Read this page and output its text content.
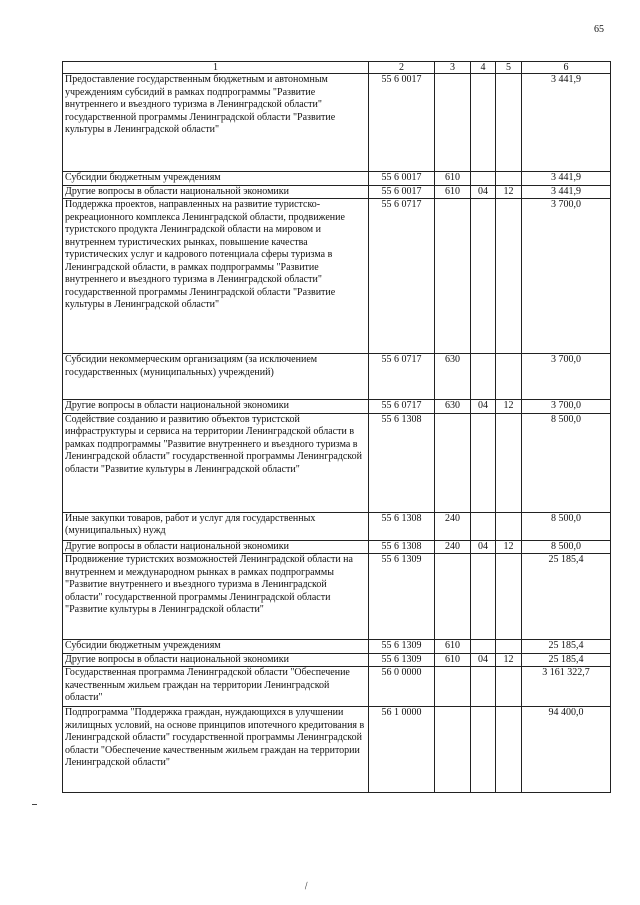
65
1	2	3	4	5	6
Предоставление государственным бюджетным и автономным учреждениям субсидий в рамках подпрограммы "Развитие внутреннего и въездного туризма в Ленинградской области" государственной программы Ленинградской области "Развитие культуры в Ленинградской области"	55 6 0017				3 441,9
Субсидии бюджетным учреждениям	55 6 0017	610			3 441,9
Другие вопросы в области национальной экономики	55 6 0017	610	04	12	3 441,9
Поддержка проектов, направленных на развитие туристско-рекреационного комплекса Ленинградской области, продвижение туристского продукта Ленинградской области на мировом и внутреннем туристических рынках, повышение качества туристических услуг и кадрового потенциала сферы туризма в Ленинградской области, в рамках подпрограммы "Развитие внутреннего и въездного туризма в Ленинградской области" государственной программы Ленинградской области "Развитие культуры в Ленинградской области"	55 6 0717				3 700,0
Субсидии некоммерческим организациям (за исключением государственных (муниципальных) учреждений)	55 6 0717	630			3 700,0
Другие вопросы в области национальной экономики	55 6 0717	630	04	12	3 700,0
Содействие созданию и развитию объектов туристской инфраструктуры и сервиса на территории Ленинградской области в рамках подпрограммы "Развитие внутреннего и въездного туризма в Ленинградской области" государственной программы Ленинградской области "Развитие культуры в Ленинградской области"	55 6 1308				8 500,0
Иные закупки товаров, работ и услуг для государственных (муниципальных) нужд	55 6 1308	240			8 500,0
Другие вопросы в области национальной экономики	55 6 1308	240	04	12	8 500,0
Продвижение туристских возможностей Ленинградской области на внутреннем и международном рынках в рамках подпрограммы "Развитие внутреннего и въездного туризма в Ленинградской области" государственной программы Ленинградской области "Развитие культуры в Ленинградской области"	55 6 1309				25 185,4
Субсидии бюджетным учреждениям	55 6 1309	610			25 185,4
Другие вопросы в области национальной экономики	55 6 1309	610	04	12	25 185,4
Государственная программа Ленинградской области "Обеспечение качественным жильем граждан на территории Ленинградской области"	56 0 0000				3 161 322,7
Подпрограмма "Поддержка граждан, нуждающихся в улучшении жилищных условий, на основе принципов ипотечного кредитования в Ленинградской области" государственной программы Ленинградской области "Обеспечение качественным жильем граждан на территории Ленинградской области"	56 1 0000				94 400,0
\
